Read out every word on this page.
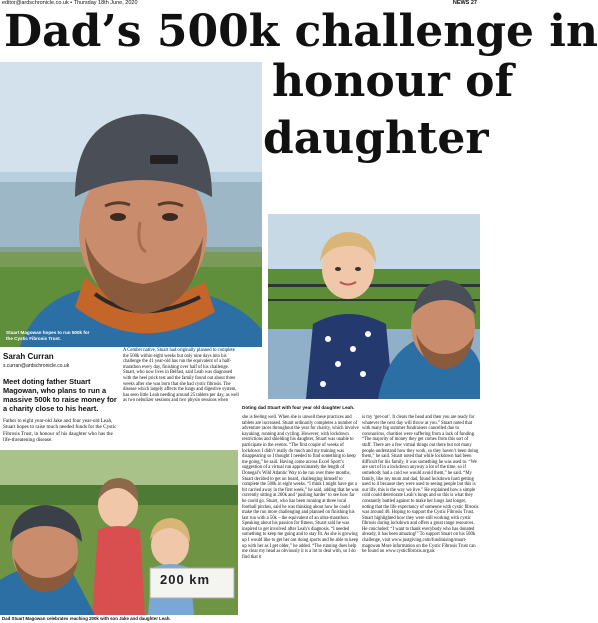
editor@ardschronicle.co.uk • Thursday 18th June, 2020	NEWS 27
Stuart Magowan hopes to run 500k for the Cystic Fibrosis Trust.
Dad’s 500k challenge in
honour of
daughter
Doting dad Stuart with four year old daughter Leah.
Sarah Curran
s.curran@ardschronicle.co.uk
Meet doting father Stuart Magowan, who plans to run a massive 500k to raise money for a charity close to his heart.
Father to eight year-old Jake and four year-old Leah, Stuart hopes to raise much needed funds for the Cystic Fibrosis Trust, in honour of his daughter who has the life-threatening disease.
A Cember native, Stuart had originally planned to complete the 500k within eight weeks but only nine days into his challenge the 41 year-old has run the equivalent of a half-marathon every day, finishing over half of his challenge. Stuart, who now lives in Belfast, said Leah was diagnosed with the heel prick test and the family found out about three weeks after she was born that she had cystic fibrosis. The disease which largely affects the lungs and digestive system, has seen little Leah needing around 25 tablets per day, as well as two nebulizer sessions and two physio sessions when
she is feeling well. When she is unwell these practices and tablets are increased. Stuart ordinarily completes a number of adventure races throughout the year for charity, which involve kayaking, running and cycling. However, with lockdown restrictions and shielding his daughter, Stuart was unable to participate in the events. “The first couple of weeks of lockdown I didn’t really do much and my training was disappearing so I thought I needed to find something to keep me going,” he said. Having come across Excel Sport’s suggestion of a virtual run approximately the length of Donegal’s Wild Atlantic Way to be ran over three months, Stuart decided to get on board, challenging himself to complete the 500k in eight weeks. “I think I might have got a bit carried away in the first week,” he said, adding that he was currently sitting at 260k and ‘pushing harder’ to see how far he could go. Stuart, who has been running at three local football pitches, said he was thinking about how he could make the run more challenging and planned on finishing his last run with a 50k – the equivalent of an ultra-marathon. Speaking about his passion for fitness, Stuart said he was inspired to get involved after Leah’s diagnosis. “I needed something to keep me going and to stay fit. As she is growing up I would like to get her out doing sports and be able to keep up with her as I get older,” he added. “The running does help me clear my head as obviously it is a lot to deal with, so I do find that it
is my ‘get-out’. It clears the head and then you are ready for whatever the next day will throw at you.” Stuart noted that with many big summer fundraisers cancelled due to coronavirus, charities were suffering from a lack of funding. “The majority of money they get comes from this sort of stuff. There are a few virtual things out there but not many people understand how they work, so they haven’t been doing them,” he said. Stuart noted that while lockdown had been difficult for his family, it was something he was used to. “We are sort of in a lockdown anyway a lot of the time, so if somebody had a cold we would avoid them,” he said. “My family, like my mum and dad, found lockdown hard getting used to it because they were used to seeing people but this is our life, this is the way we live.” He explained how a simple cold could deteriorate Leah’s lungs and so this is what they constantly battled against to make her lungs last longer, noting that the life expectancy of someone with cystic fibrosis was around 40. Hoping to support the Cystic Fibrosis Trust, Stuart highlighted how they were still working with cystic fibrosis during lockdown and offers a great range resources. He concluded: “I want to thank everybody who has donated already, it has been amazing!” To support Stuart on his 500k challenge, visit www.justgiving.com/fundraising/stuart-magowan More information on the Cystic Fibrosis Trust can be found on www.cysticfibrosis.org.uk
200 km
Dad Stuart Magowan celebrates reaching 200k with son Jake and daughter Leah.
